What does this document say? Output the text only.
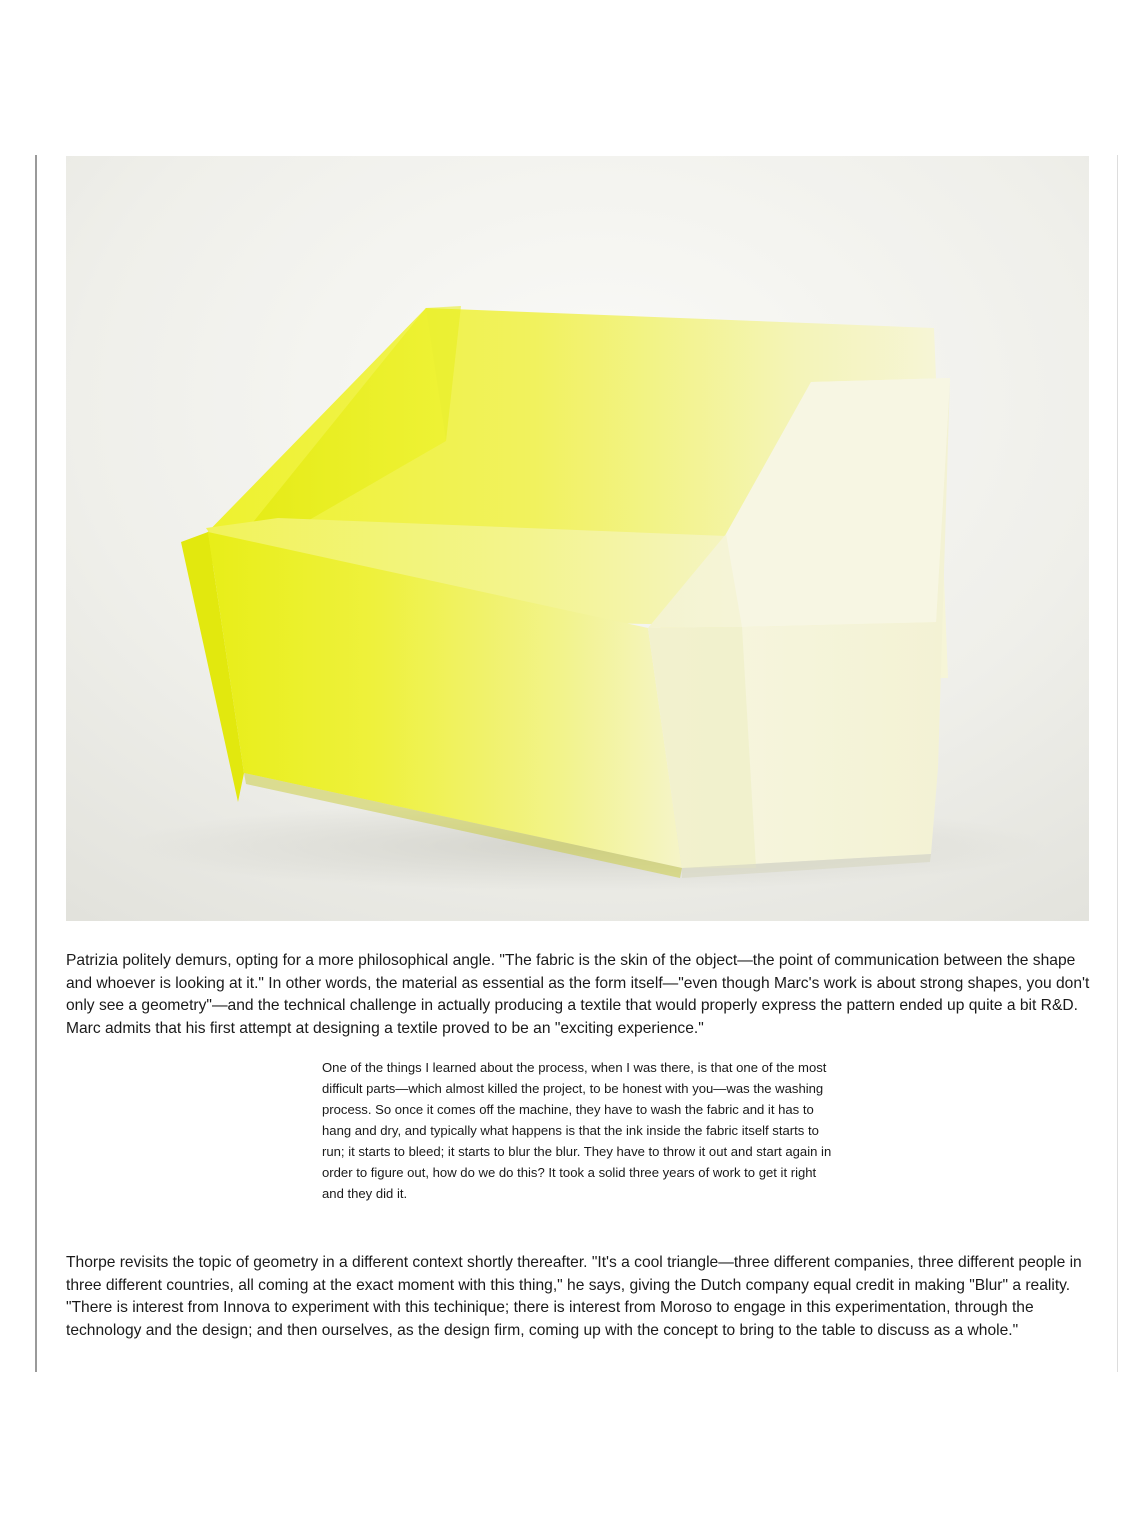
Patrizia politely demurs, opting for a more philosophical angle. "The fabric is the skin of the object—the point of communication between the shape and whoever is looking at it." In other words, the material as essential as the form itself—"even though Marc's work is about strong shapes, you don't only see a geometry"—and the technical challenge in actually producing a textile that would properly express the pattern ended up quite a bit R&D. Marc admits that his first attempt at designing a textile proved to be an "exciting experience."

One of the things I learned about the process, when I was there, is that one of the most difficult parts—which almost killed the project, to be honest with you—was the washing process. So once it comes off the machine, they have to wash the fabric and it has to hang and dry, and typically what happens is that the ink inside the fabric itself starts to run; it starts to bleed; it starts to blur the blur. They have to throw it out and start again in order to figure out, how do we do this? It took a solid three years of work to get it right and they did it.

Thorpe revisits the topic of geometry in a different context shortly thereafter. "It's a cool triangle—three different companies, three different people in three different countries, all coming at the exact moment with this thing," he says, giving the Dutch company equal credit in making "Blur" a reality. "There is interest from Innova to experiment with this techinique; there is interest from Moroso to engage in this experimentation, through the technology and the design; and then ourselves, as the design firm, coming up with the concept to bring to the table to discuss as a whole."
